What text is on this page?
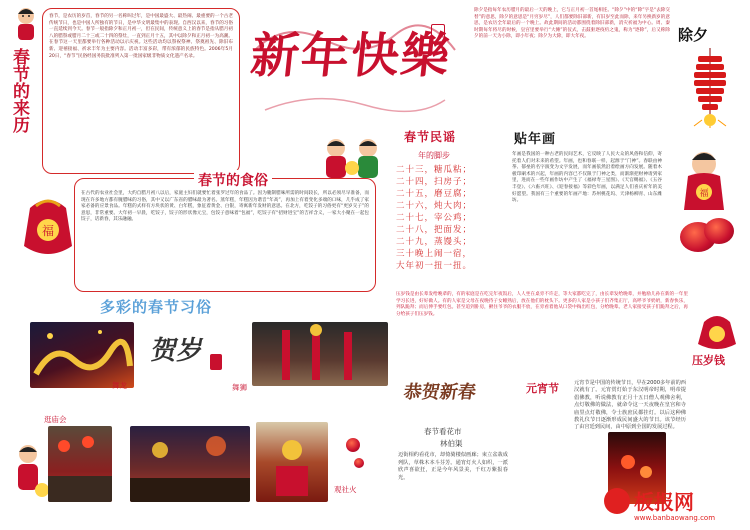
春节的来历
春节，是农历的岁首，春节的另一名称叫过年，是中国最盛大、最热闹、最重要的一个古老传统节日，也是中国人所独有的节日，是中华文明最集中的表现。自西汉以来，春节的习俗一直延续到今天。春节一般指除夕和正月初一，但在民间，传统意义上的春节是指从腊月初八的腊祭或腊月二十三或二十四的祭灶，一直到正月十五，其中以除夕和正月初一为高潮。在春节这一天里都要举行各种活动以示庆祝。这些活动均以祭祝祭神、祭奠祖先、除旧布新、迎禧接福、祈求丰年为主要内容。活动丰富多彩，带有浓郁的民族特色。2006年5月20日，“春节”民俗经国务院批准列入第一批国家级非物质文化遗产名录。	新年快樂
除夕是指每年农历腊月的最后一天的晚上，它与正月初一首尾相连。“除夕”中的“除”字是“去除交替”的意思，除夕的意思是“月穷岁尽”，人们都要除旧部新，有旧岁至此而除，来年另换新岁的意思，是农历全年最后的一个晚上。故此期间的活动都围绕着除旧部新，消灾祈福为中心。周、秦时期每年将尽的时候，皇宫里要举行“大傩”的仪式，击鼓驱逐疫疠之鬼，称为“逐除”，后又称除夕的前一天为小除，即小年夜；除夕为大除，即大年夜。	除夕
福
在古代的农业社会里，大约自腊月初八以后，家庭主妇们就要忙着张罗过年的食品了。因为腌制腊味所需的时间较长，所以必须尽早准备，而现在许多地方都有腌腊味的习俗，其中又以广东省的腊味最为著名。蒸年糕，年糕因为谐音“年高”，再加上有着变化多端的口味，几乎成了家家必备的应景食品。年糕的式样有方块状的黄、白年糕，象征着黄金、白银，寄寓新年发财的意思。在北方，吃饺子的习俗更有“更岁交子”的意思，非常重要。大年初一早晨，吃饺子，饺子的形状像元宝，包饺子意味着“包福”，吃饺子有“招财进宝”的吉祥含义，一家大小聚在一起包饺子，话新春，其乐融融。
春节的食俗
春节民谣
年的脚步
二十三，糖瓜粘；
二十四，扫房子；
二十五，磨豆腐；
二十六，炖大肉；
二十七，宰公鸡；
二十八，把面发；
二十九，蒸馒头；
三十晚上闹一宿，
大年初一扭一扭。
贴年画
年画是我国的一种古老的民间艺术，它反映了人民大众的风俗和信仰，寄托着人们对未来的希望。年画，也和春联一样，起源于“门神”。春联由神荼、郁垒的名字演变为文字发展，而年画依然沿着绘画方向发展。随着木板印刷术的兴起，年画的内容已不仅限于门神之类，而渐渐把财神请到家里，进而在一些年画作坊中产生了《福禄寿三星图》、《天官赐福》、《五谷丰登》、《六畜兴旺》、《迎春接福》等彩色年画，以满足人们喜庆祈年的美好愿望。我国有三个重要的年画产地：苏州桃花坞、天津杨柳青、山东潍坊。
福
多彩的春节习俗
舞龙
贺岁
舞狮
逛庙会
观社火
压岁钱是由长辈发给晚辈的，有的家庭是在吃完年夜饭后，人人坐在桌旁不许走，等大家都吃完了，由长辈发给晚辈，并勉励儿孙在新的一年里学习长进，好好做人。有的人家是父母在夜晚待子女睡熟后，放在他们的枕头下。更多的人家是小孩子们齐集正厅，高呼爷爷奶奶，新春快乐，列队跪拜；而后伸手要红包。甚至追到卧房，揪住爷爷的衣服不放，在旁看着他从口袋中掏出红包，分给晚辈。老人家接受孩子们跪拜之后，再分给孩子们压岁钱。
压岁钱
恭贺新春
春节看花市
林伯渠
迈街相约看花市，却倚骑楼似画廊；束立盆栽成列队，草株木本斗芬芳。通宵灯火人如织，一派欣声喜欲狂，正是今年风景美，千红万紫报春光。
元宵节	元宵节是中国的传统节日，早在2000多年前的西汉就有了。元宵赏灯始于东汉明帝时期，明帝提倡佛教，听说佛教有正月十五日僧人观佛舍利，点灯敬佛的做法，就命令这一天夜晚在皇宫和寺庙里点灯敬佛，令士族庶民都挂灯。以后这种佛教礼仪节日逐渐形成民间盛大的节日。该节经历了由宫廷到民间，由中原到全国的发展过程。
板报网
www.banbaowang.com
